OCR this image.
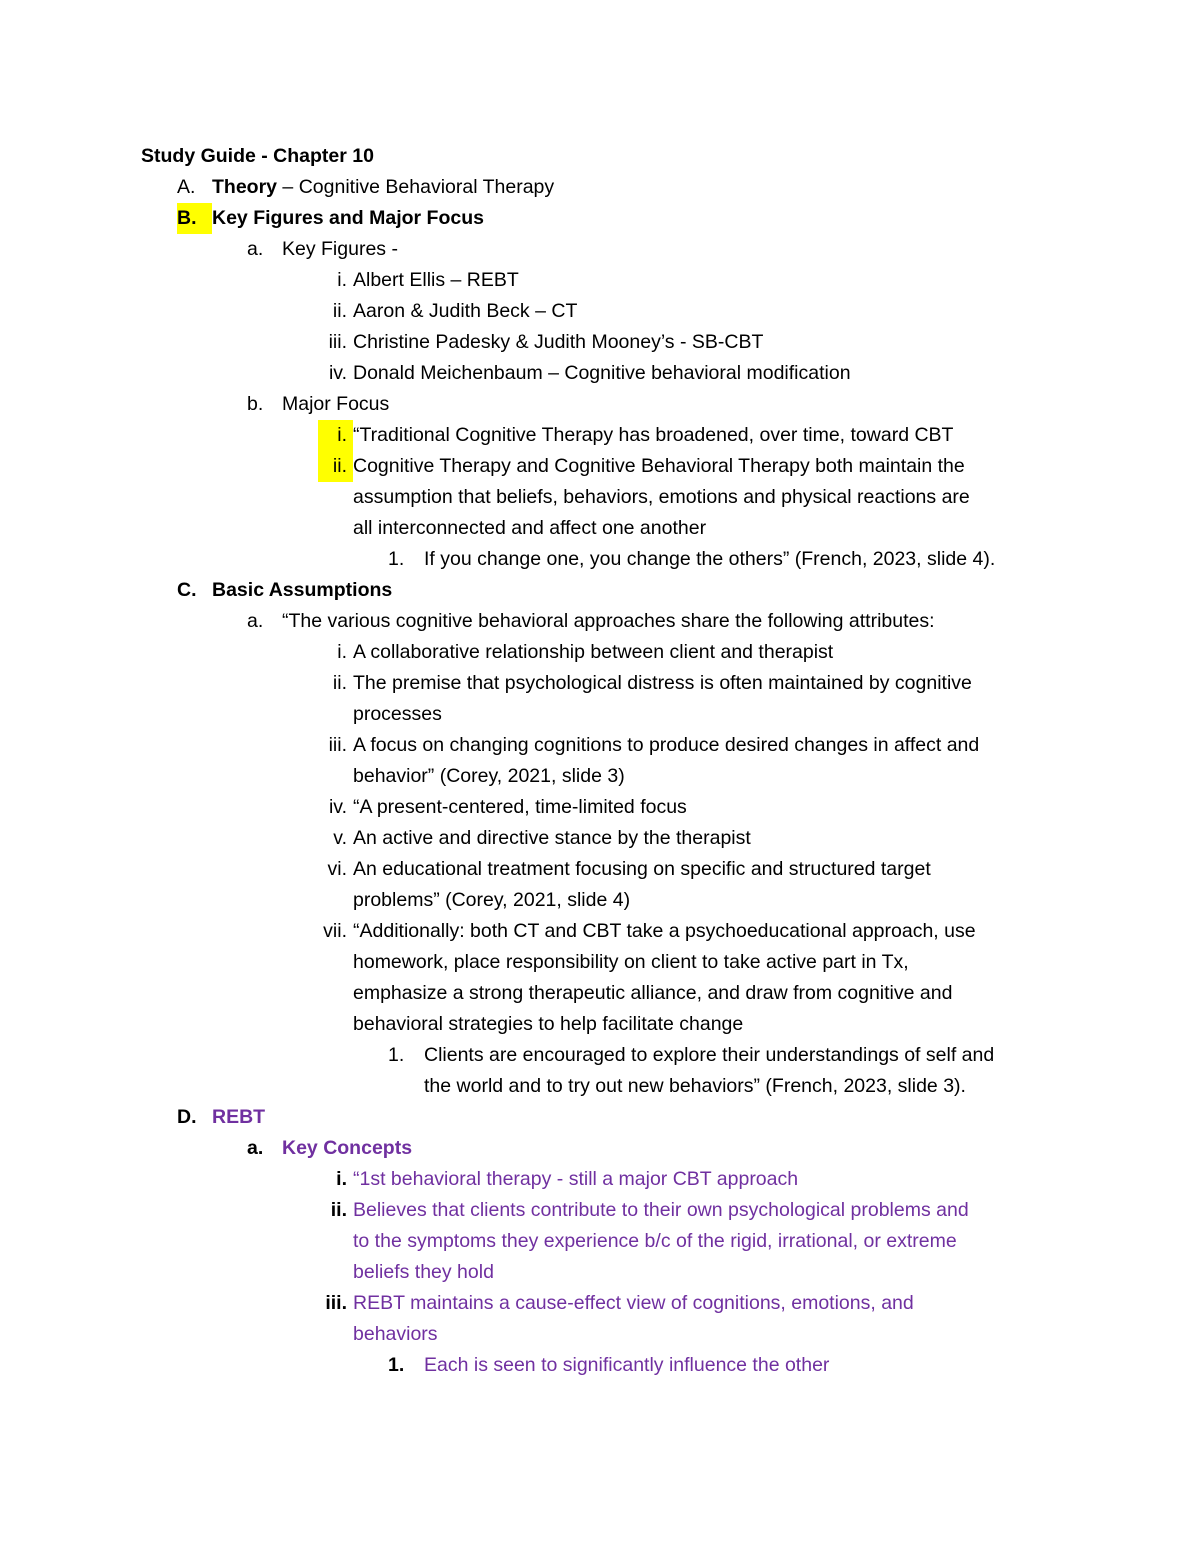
Study Guide - Chapter 10
A. Theory – Cognitive Behavioral Therapy
B. Key Figures and Major Focus
a. Key Figures -
i. Albert Ellis – REBT
ii. Aaron & Judith Beck – CT
iii. Christine Padesky & Judith Mooney’s - SB-CBT
iv. Donald Meichenbaum – Cognitive behavioral modification
b. Major Focus
i. “Traditional Cognitive Therapy has broadened, over time, toward CBT
ii. Cognitive Therapy and Cognitive Behavioral Therapy both maintain the
assumption that beliefs, behaviors, emotions and physical reactions are
all interconnected and affect one another
1. If you change one, you change the others” (French, 2023, slide 4).
C. Basic Assumptions
a. “The various cognitive behavioral approaches share the following attributes:
i. A collaborative relationship between client and therapist
ii. The premise that psychological distress is often maintained by cognitive
processes
iii. A focus on changing cognitions to produce desired changes in affect and
behavior” (Corey, 2021, slide 3)
iv. “A present-centered, time-limited focus
v. An active and directive stance by the therapist
vi. An educational treatment focusing on specific and structured target
problems” (Corey, 2021, slide 4)
vii. “Additionally: both CT and CBT take a psychoeducational approach, use
homework, place responsibility on client to take active part in Tx,
emphasize a strong therapeutic alliance, and draw from cognitive and
behavioral strategies to help facilitate change
1. Clients are encouraged to explore their understandings of self and
the world and to try out new behaviors” (French, 2023, slide 3).
D. REBT
a. Key Concepts
i. “1st behavioral therapy - still a major CBT approach
ii. Believes that clients contribute to their own psychological problems and
to the symptoms they experience b/c of the rigid, irrational, or extreme
beliefs they hold
iii. REBT maintains a cause-effect view of cognitions, emotions, and
behaviors
1. Each is seen to significantly influence the other
